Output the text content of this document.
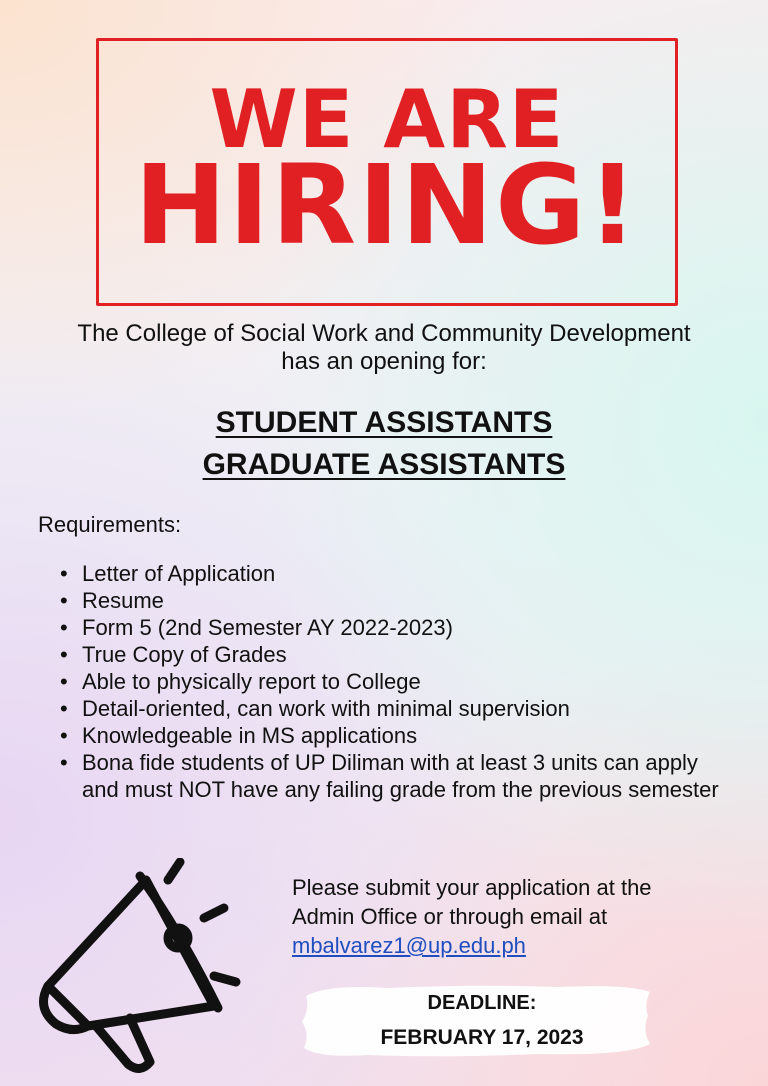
WE ARE
HIRING!
The College of Social Work and Community Development
has an opening for:
STUDENT ASSISTANTS
GRADUATE ASSISTANTS
Requirements:
• Letter of Application
• Resume
• Form 5 (2nd Semester AY 2022-2023)
• True Copy of Grades
• Able to physically report to College
• Detail-oriented, can work with minimal supervision
• Knowledgeable in MS applications
• Bona fide students of UP Diliman with at least 3 units can apply and must NOT have any failing grade from the previous semester
Please submit your application at the
Admin Office or through email at
mbalvarez1@up.edu.ph
DEADLINE:
FEBRUARY 17, 2023
